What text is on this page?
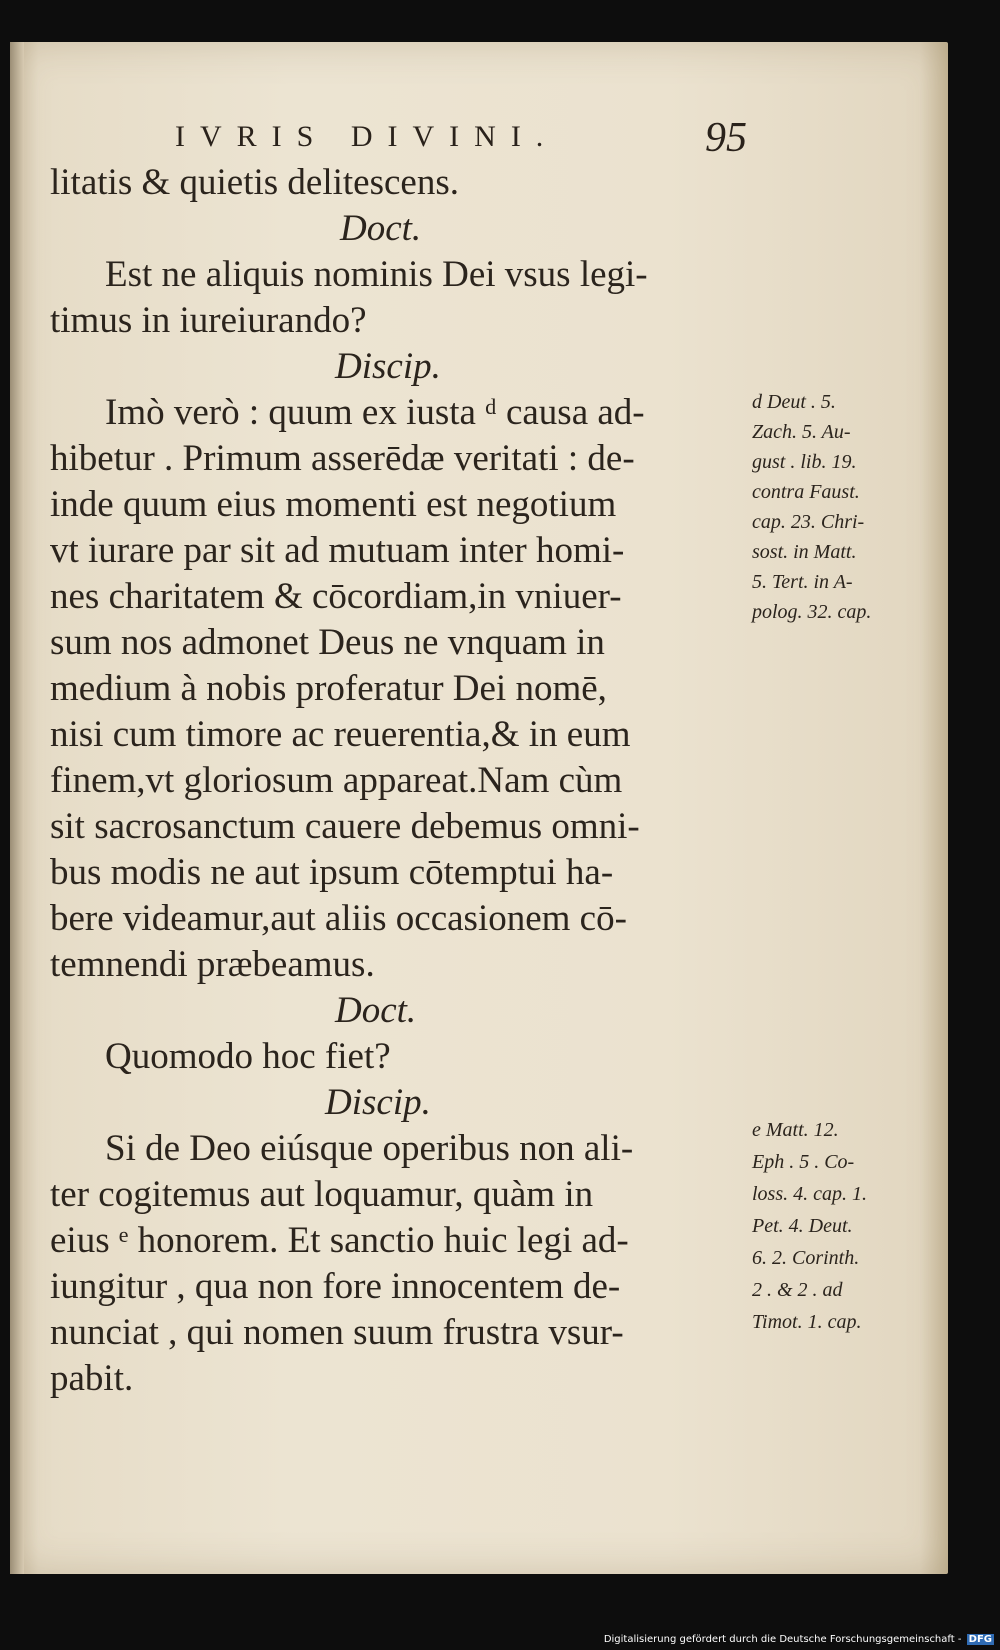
IVRIS DIVINI.	95
litatis & quietis delitescens.
Doct.
Est ne aliquis nominis Dei vsus legi-
timus in iureiurando?
Discip.
Imò verò : quum ex iusta ᵈ causa ad-
hibetur . Primum asserēdæ veritati : de-
inde quum eius momenti est negotium
vt iurare par sit ad mutuam inter homi-
nes charitatem & cōcordiam,in vniuer-
sum nos admonet Deus ne vnquam in
medium à nobis proferatur Dei nomē,
nisi cum timore ac reuerentia,& in eum
finem,vt gloriosum appareat.Nam cùm
sit sacrosanctum cauere debemus omni-
bus modis ne aut ipsum cōtemptui ha-
bere videamur,aut aliis occasionem cō-
temnendi præbeamus.
Doct.
Quomodo hoc fiet?
Discip.
Si de Deo eiúsque operibus non ali-
ter cogitemus aut loquamur, quàm in
eius ᵉ honorem. Et sanctio huic legi ad-
iungitur , qua non fore innocentem de-
nunciat , qui nomen suum frustra vsur-
pabit.
d Deut . 5.
Zach. 5. Au-
gust . lib. 19.
contra Faust.
cap. 23. Chri-
sost. in Matt.
5. Tert. in A-
polog. 32. cap.
e Matt. 12.
Eph . 5 . Co-
loss. 4. cap. 1.
Pet. 4. Deut.
6. 2. Corinth.
2 . & 2 . ad
Timot. 1. cap.
Digitalisierung gefördert durch die Deutsche Forschungsgemeinschaft - DFG
